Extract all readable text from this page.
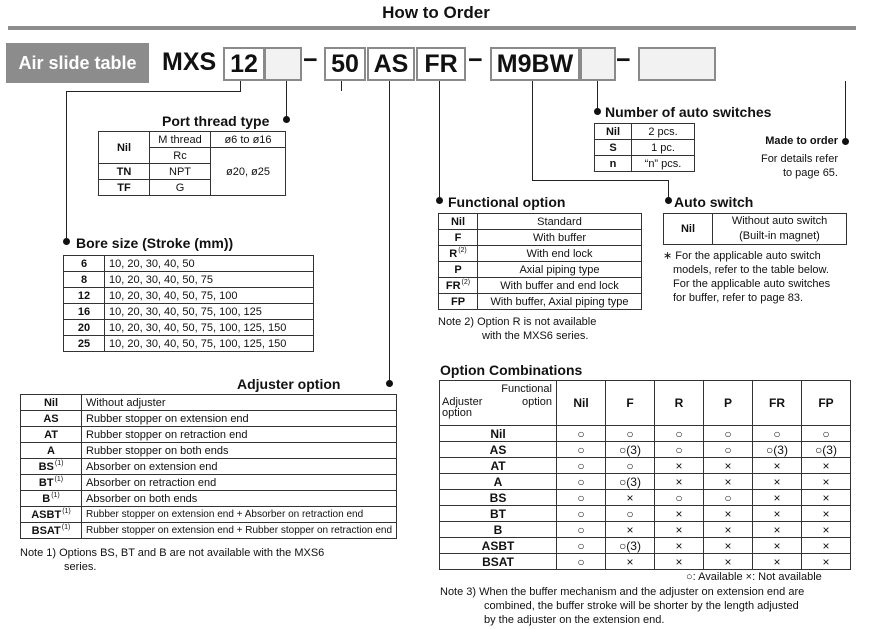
How to Order
Air slide table	MXS 12 − 50 AS FR − M9BW −
Port thread type
Nil	M thread	ø6 to ø16
	Rc	ø20, ø25
TN	NPT	
TF	G	
Bore size (Stroke (mm))
6	10, 20, 30, 40, 50
8	10, 20, 30, 40, 50, 75
12	10, 20, 30, 40, 50, 75, 100
16	10, 20, 30, 40, 50, 75, 100, 125
20	10, 20, 30, 40, 50, 75, 100, 125, 150
25	10, 20, 30, 40, 50, 75, 100, 125, 150
Adjuster option
Nil	Without adjuster
AS	Rubber stopper on extension end
AT	Rubber stopper on retraction end
A	Rubber stopper on both ends
BS$^{(1)}$	Absorber on extension end
BT$^{(1)}$	Absorber on retraction end
$B^{(1)}$	Absorber on both ends
ASBT$^{(1)}$	Rubber stopper on extension end + Absorber on retraction end
BSAT$^{(1)}$	Rubber stopper on extension end + Rubber stopper on retraction end
Note 1) Options BS, BT and B are not available with the MXS6
series.
Functional option
Nil	Standard
F	With buffer
$R^{(2)}$	With end lock
P	Axial piping type
FR$^{(2)}$	With buffer and end lock
FP	With buffer, Axial piping type
Note 2) Option R is not available
with the MXS6 series.
Number of auto switches
Nil	2 pcs.
S	1 pc.
n	“n” pcs.
Made to order
For details refer
to page 65.
Auto switch
Nil	
Without auto switch
(Built-in magnet)
∗ For the applicable auto switch
models, refer to the table below.
For the applicable auto switches
for buffer, refer to page 83.
Option Combinations
Functional
option
Adjuster
option	Nil	F	R	P	FR	FP
Nil	○	○	○	○	○	○
AS	○	○(3)	○	○	○(3)	○(3)
AT	○	○	×	×	×	×
A	○	○(3)	×	×	×	×
BS	○	×	○	○	×	×
BT	○	○	×	×	×	×
B	○	×	×	×	×	×
ASBT	○	○(3)	×	×	×	×
BSAT	○	×	×	×	×	×
○: Available ×: Not available
Note 3) When the buffer mechanism and the adjuster on extension end are
combined, the buffer stroke will be shorter by the length adjusted
by the adjuster on the extension end.
